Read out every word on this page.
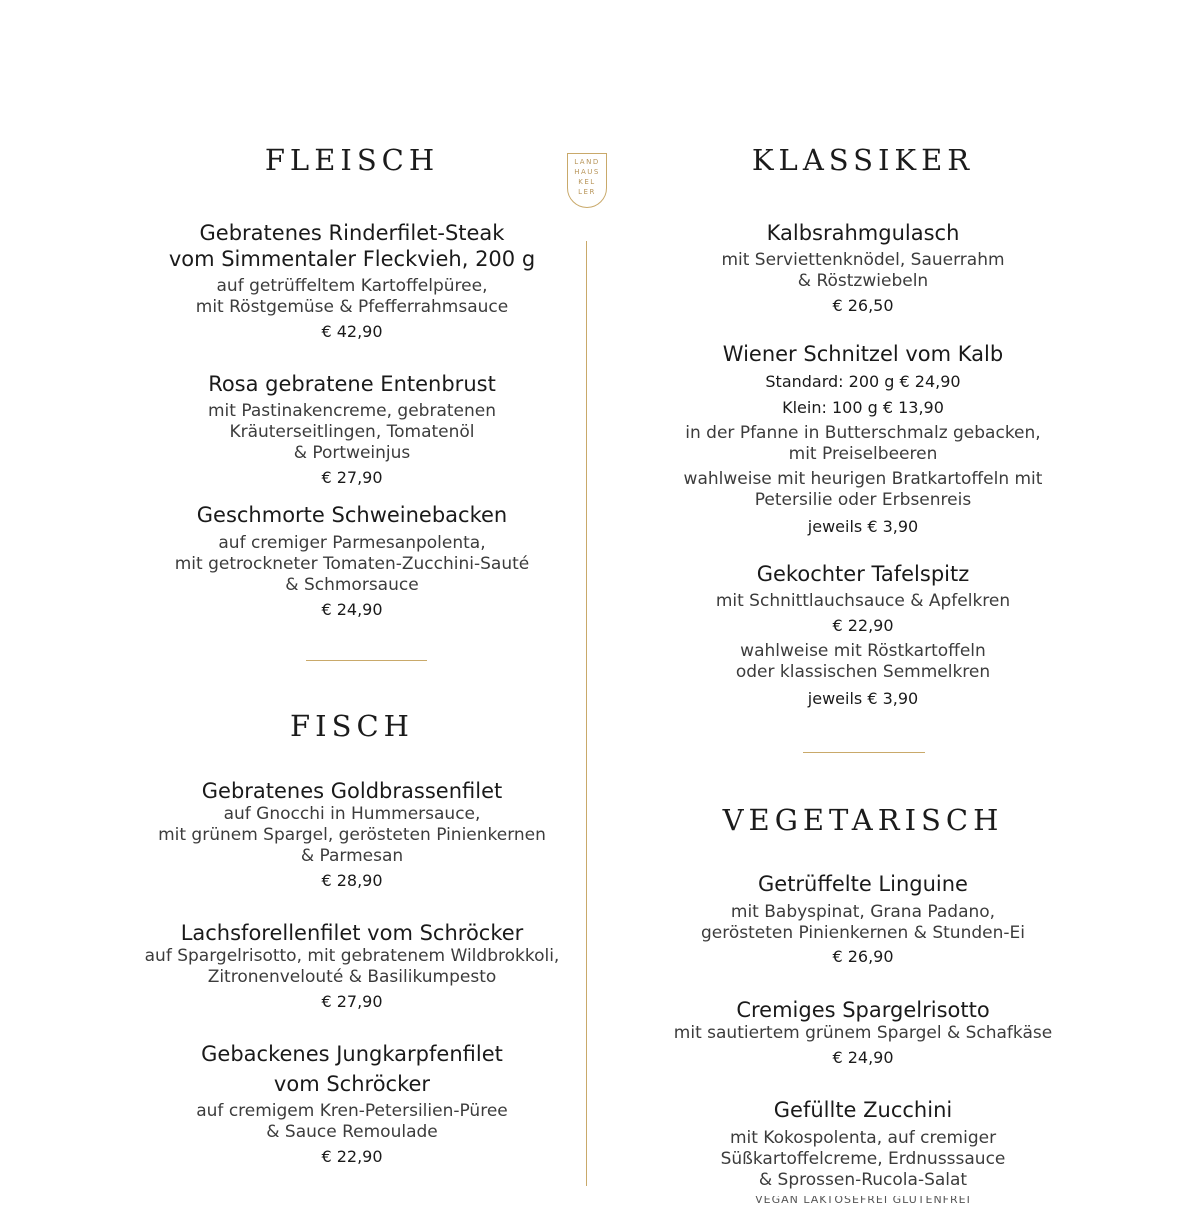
LAND
HAUS
KEL
LER
FLEISCH
Gebratenes Rinderfilet-Steak
vom Simmentaler Fleckvieh, 200 g
auf getrüffeltem Kartoffelpüree,
mit Röstgemüse & Pfefferrahmsauce
€ 42,90
Rosa gebratene Entenbrust
mit Pastinakencreme, gebratenen
Kräuterseitlingen, Tomatenöl
& Portweinjus
€ 27,90
Geschmorte Schweinebacken
auf cremiger Parmesanpolenta,
mit getrockneter Tomaten-Zucchini-Sauté
& Schmorsauce
€ 24,90
FISCH
Gebratenes Goldbrassenfilet
auf Gnocchi in Hummersauce,
mit grünem Spargel, gerösteten Pinienkernen
& Parmesan
€ 28,90
Lachsforellenfilet vom Schröcker
auf Spargelrisotto, mit gebratenem Wildbrokkoli,
Zitronenvelouté & Basilikumpesto
€ 27,90
Gebackenes Jungkarpfenfilet
vom Schröcker
auf cremigem Kren-Petersilien-Püree
& Sauce Remoulade
€ 22,90
KLASSIKER
Kalbsrahmgulasch
mit Serviettenknödel, Sauerrahm
& Röstzwiebeln
€ 26,50
Wiener Schnitzel vom Kalb
Standard: 200 g € 24,90
Klein: 100 g € 13,90
in der Pfanne in Butterschmalz gebacken,
mit Preiselbeeren
wahlweise mit heurigen Bratkartoffeln mit
Petersilie oder Erbsenreis
jeweils € 3,90
Gekochter Tafelspitz
mit Schnittlauchsauce & Apfelkren
€ 22,90
wahlweise mit Röstkartoffeln
oder klassischen Semmelkren
jeweils € 3,90
VEGETARISCH
Getrüffelte Linguine
mit Babyspinat, Grana Padano,
gerösteten Pinienkernen & Stunden-Ei
€ 26,90
Cremiges Spargelrisotto
mit sautiertem grünem Spargel & Schafkäse
€ 24,90
Gefüllte Zucchini
mit Kokospolenta, auf cremiger
Süßkartoffelcreme, Erdnusssauce
& Sprossen-Rucola-Salat
VEGAN LAKTOSEFREI GLUTENFREI
